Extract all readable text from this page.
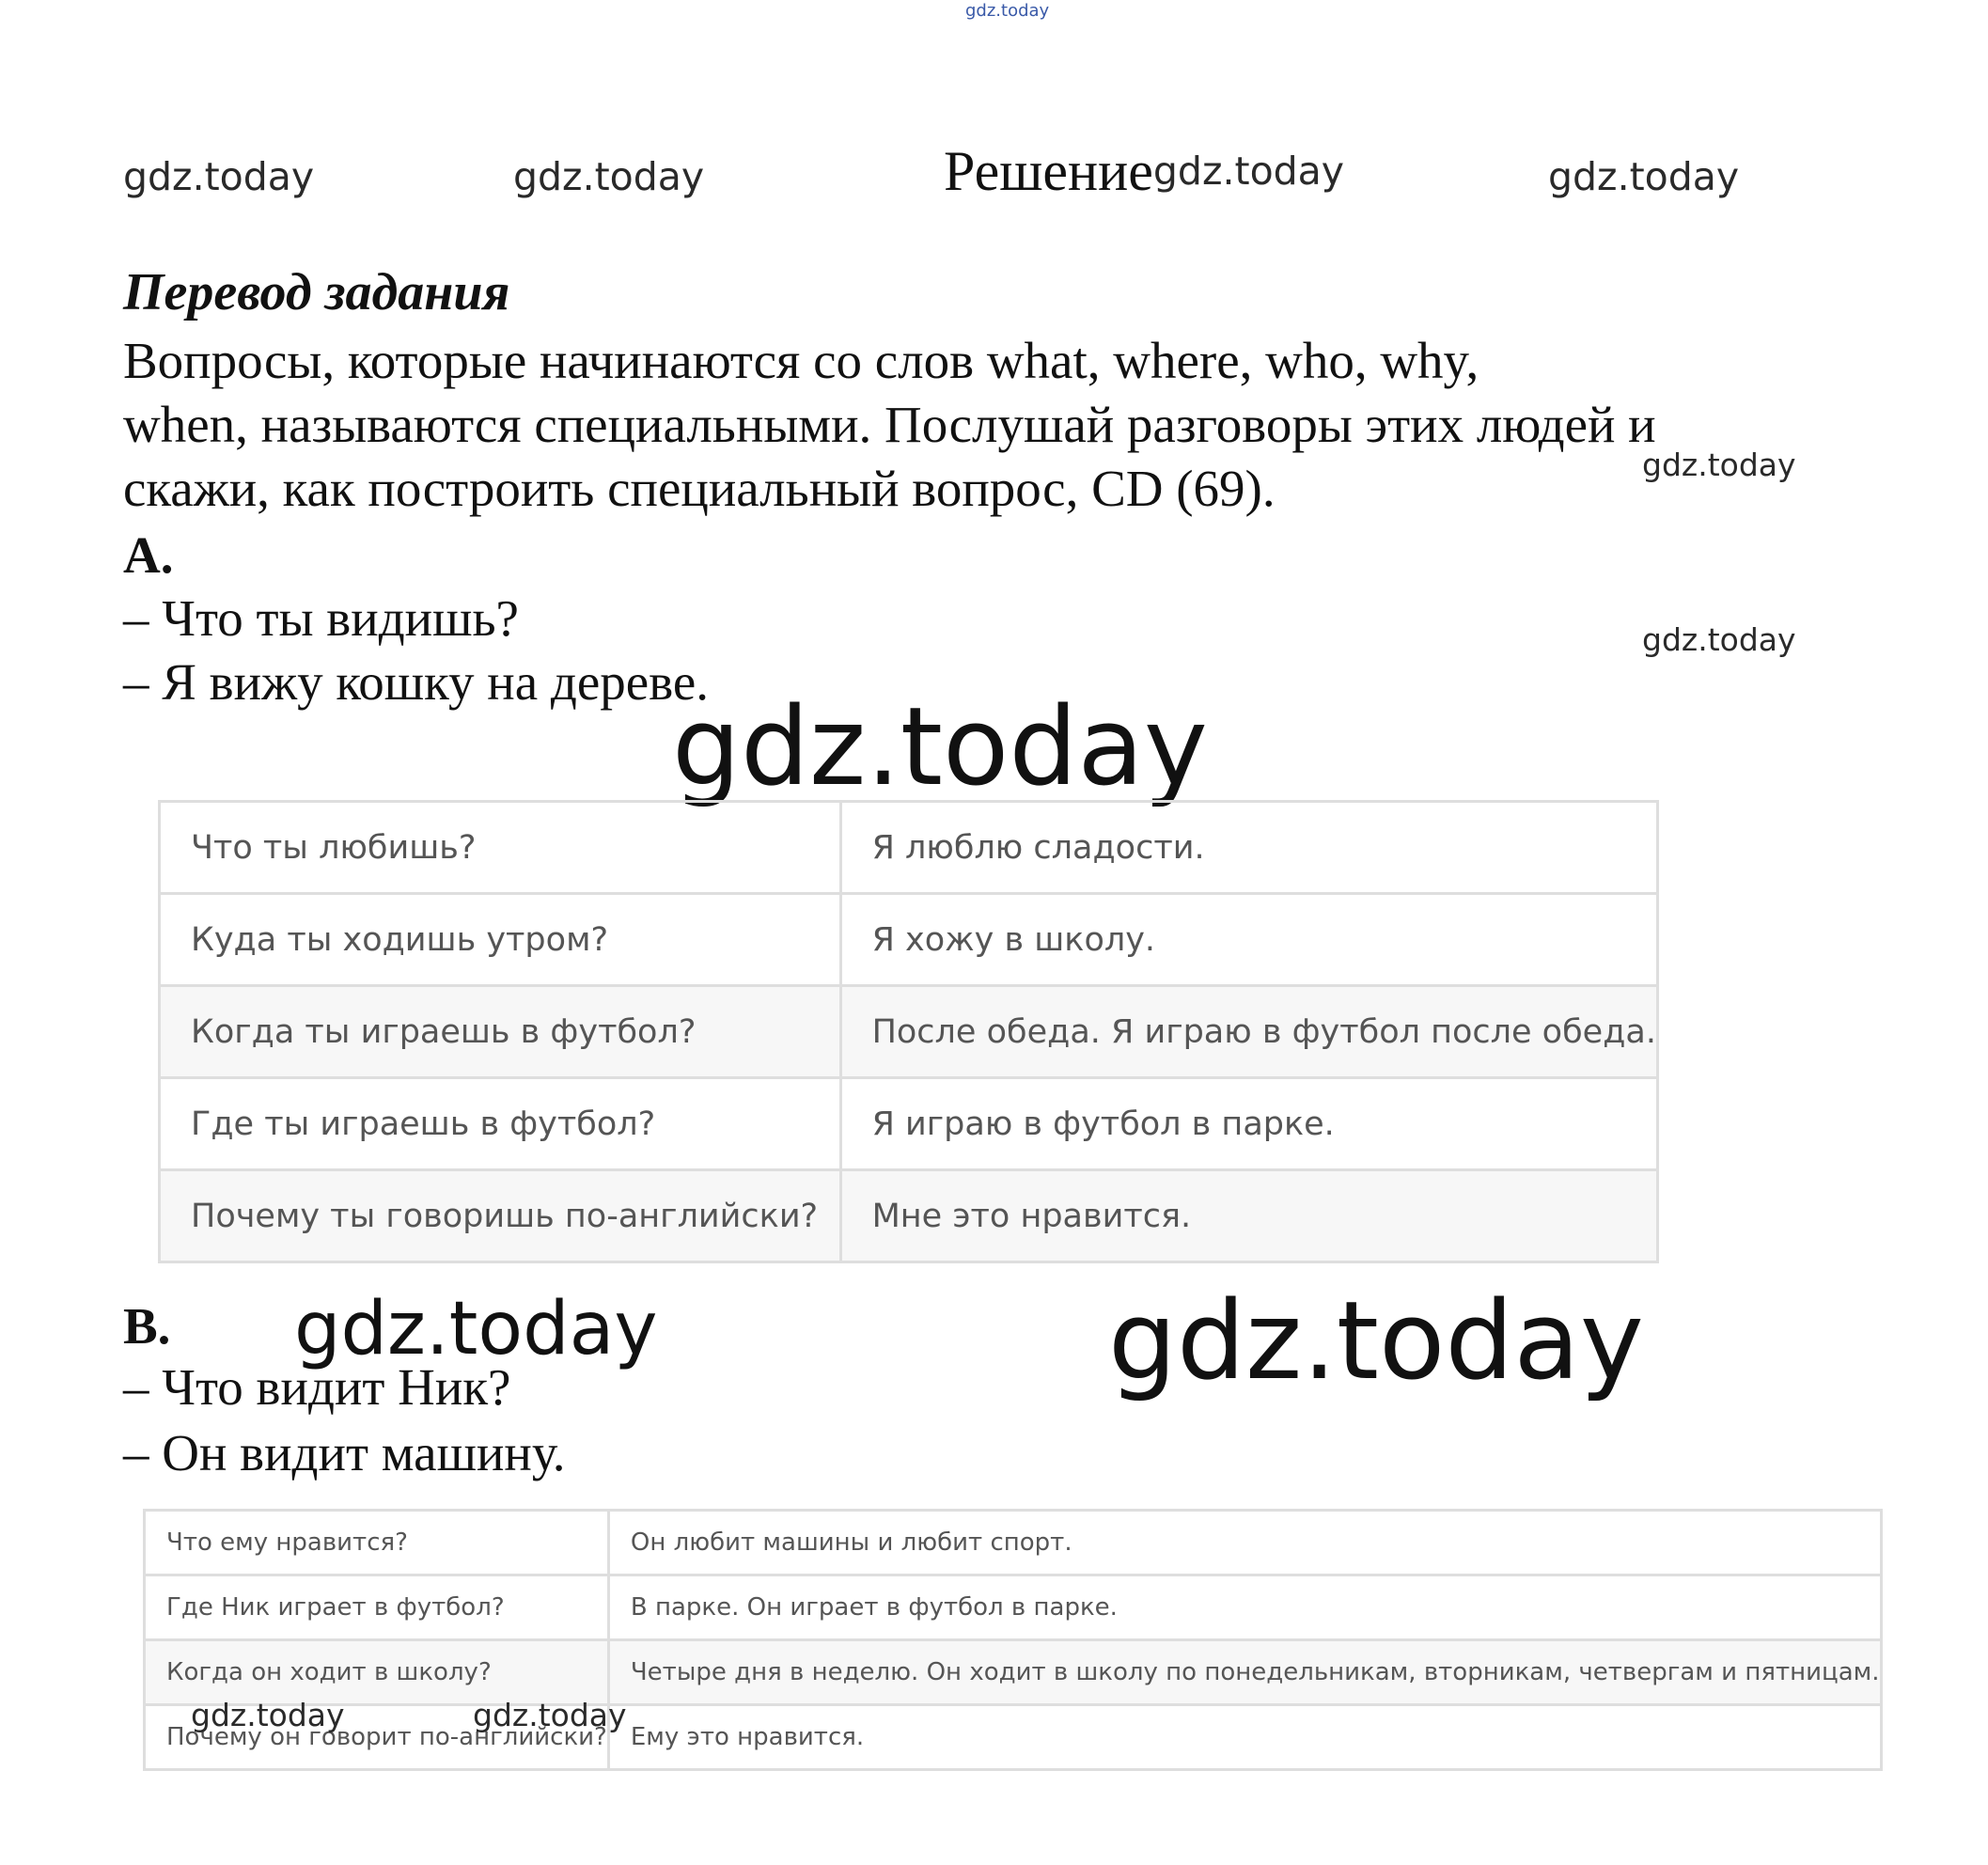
gdz.today
gdz.today	gdz.today	gdz.today
gdz.today
gdz.today
gdz.today
gdz.today	gdz.today
Решениеgdz.today
Перевод задания
Вопросы, которые начинаются со слов what, where, who, why,
when, называются специальными. Послушай разговоры этих людей и
скажи, как построить специальный вопрос, CD (69).
A.
– Что ты видишь?
– Я вижу кошку на дереве.
Что ты любишь?	Я люблю сладости.
Куда ты ходишь утром?	Я хожу в школу.
Когда ты играешь в футбол?	После обеда. Я играю в футбол после обеда.
Где ты играешь в футбол?	Я играю в футбол в парке.
Почему ты говоришь по-английски?	Мне это нравится.
B.
– Что видит Ник?
– Он видит машину.
Что ему нравится?	Он любит машины и любит спорт.
Где Ник играет в футбол?	В парке. Он играет в футбол в парке.
Когда он ходит в школу?	Четыре дня в неделю. Он ходит в школу по понедельникам, вторникам, четвергам и пятницам.
Почему он говорит по-английски?	Ему это нравится.
gdz.today	gdz.today
